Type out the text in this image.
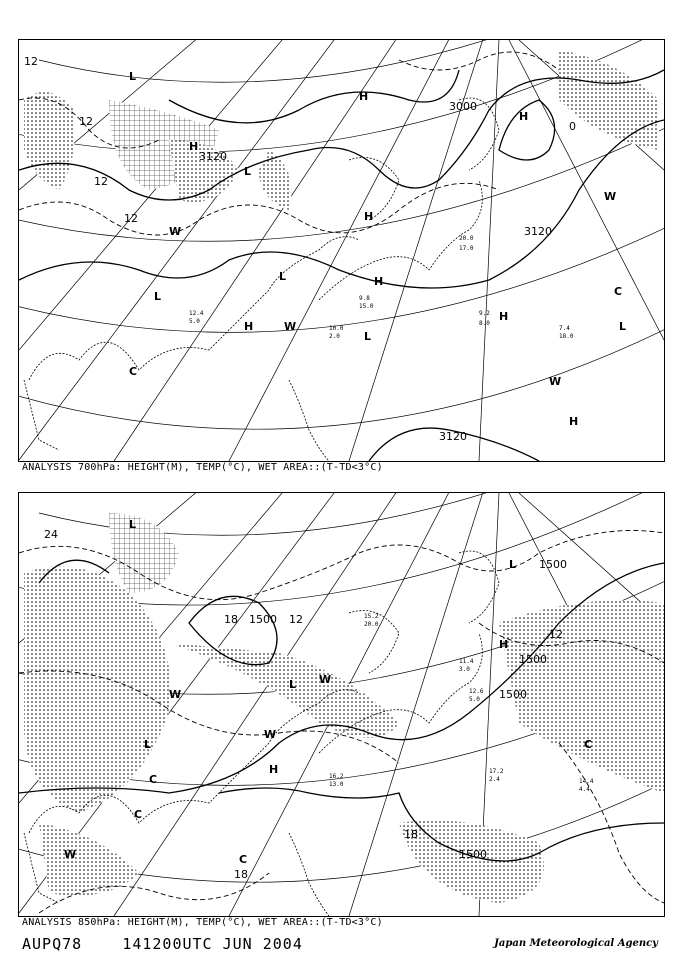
3000
3120
3120
3120
12
12
12
12
0
L
L
L
L
L
L
H
H
H
H
H
H
H
H
W
W
W
W
C
C
9.2
8.0
7.4
18.0
10.0
2.0
9.8
15.0
12.4
5.0
20.0
17.0
ANALYSIS 700hPa: HEIGHT(M), TEMP(°C), WET AREA::(T-TD<3°C)
1500
1500
1500
1500
1500
24
18
18
18
12
12
L
L
L
L
H
H
W
W
W
W
C
C
C
C
17.2
2.4	14.4
4.4
12.6
5.0
16.2
13.0
15.2
20.0
11.4
3.0
ANALYSIS 850hPa: HEIGHT(M), TEMP(°C), WET AREA::(T-TD<3°C)
AUPQ78	141200UTC JUN 2004	Japan Meteorological Agency
